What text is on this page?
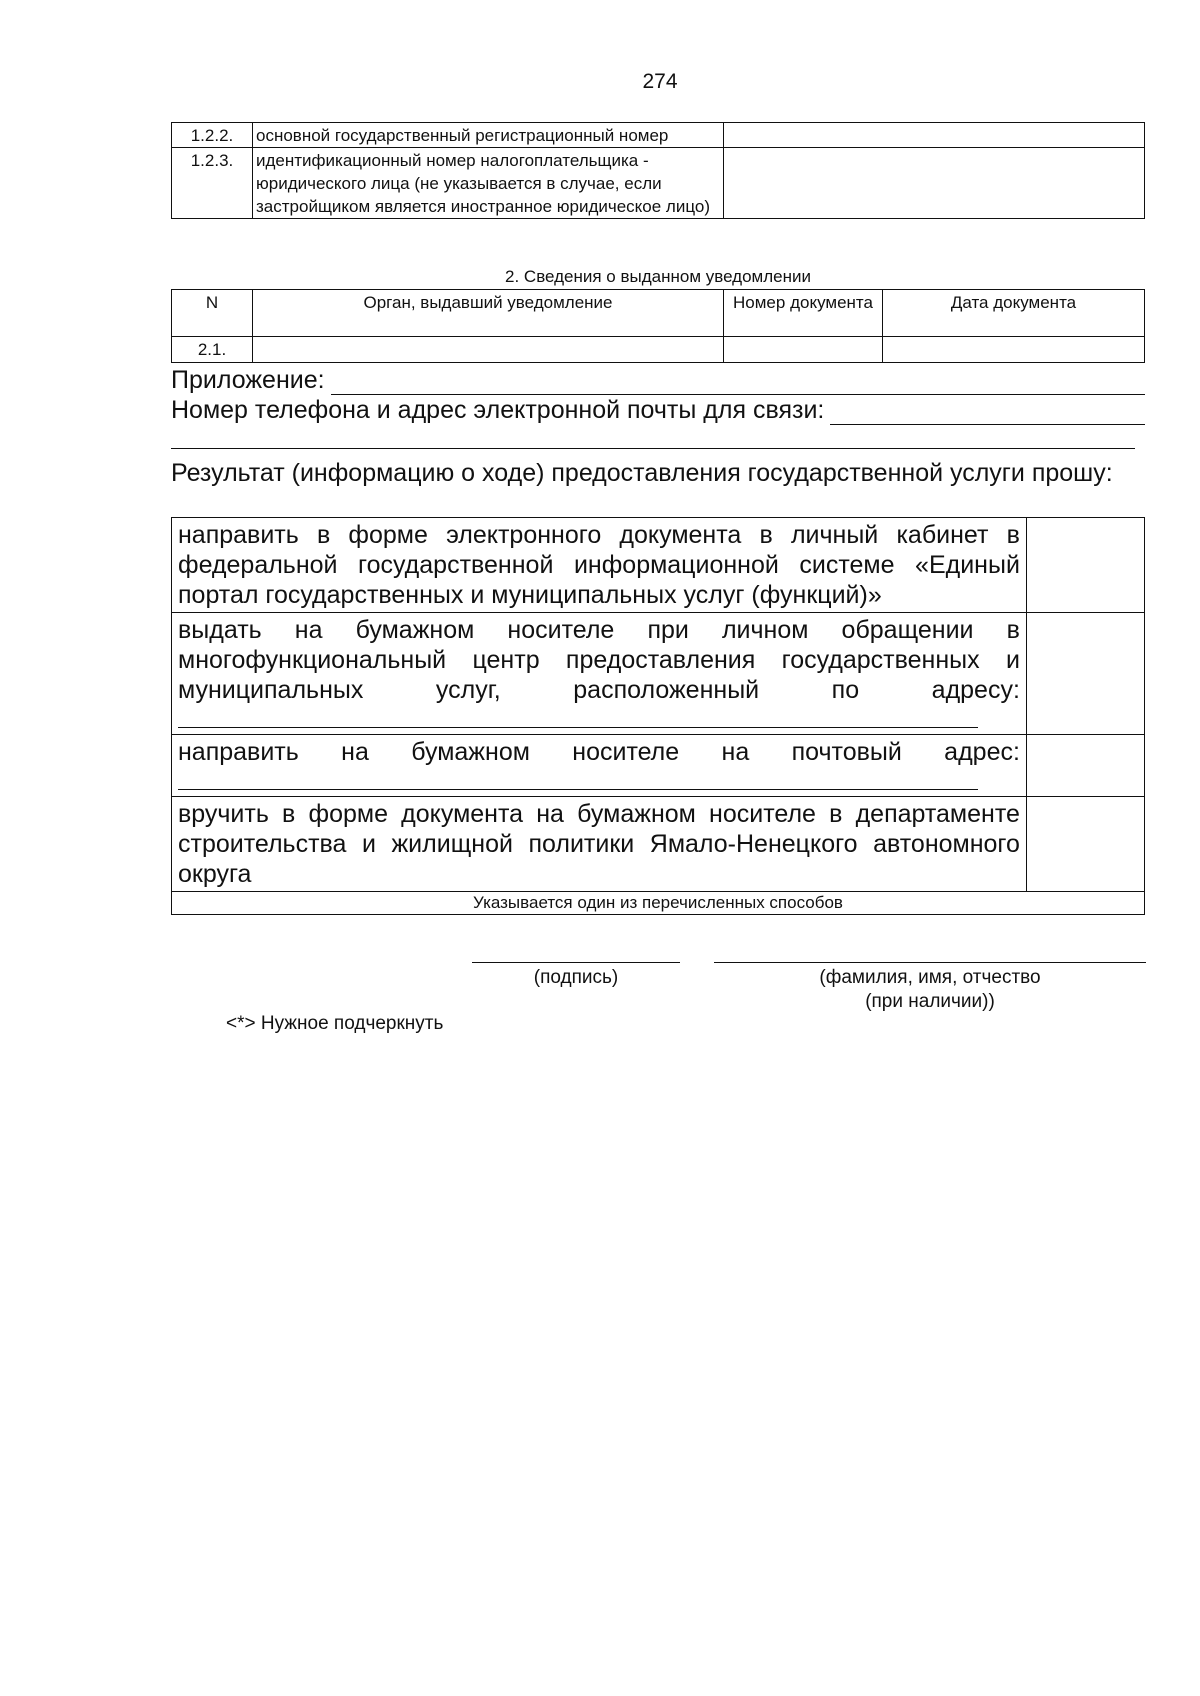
274
1.2.2.	основной государственный регистрационный номер	
1.2.3.	идентификационный номер налогоплательщика - юридического лица (не указывается в случае, если застройщиком является иностранное юридическое лицо)	
2. Сведения о выданном уведомлении
N	Орган, выдавший уведомление	Номер документа	Дата документа
2.1.			
Приложение:
Номер телефона и адрес электронной почты для связи:
Результат (информацию о ходе) предоставления государственной услуги прошу:
направить в форме электронного документа в личный кабинет в федеральной государственной информационной системе «Единый портал государственных и муниципальных услуг (функций)»	

выдать на бумажном носителе при личном обращении в многофункциональный центр предоставления государственных и муниципальных услуг, расположенный по адресу:	

направить на бумажном носителе на почтовый адрес:	

вручить в форме документа на бумажном носителе в департаменте строительства и жилищной политики Ямало-Ненецкого автономного округа	
Указывается один из перечисленных способов	
(подпись)	(фамилия, имя, отчество
(при наличии))
<*> Нужное подчеркнуть
